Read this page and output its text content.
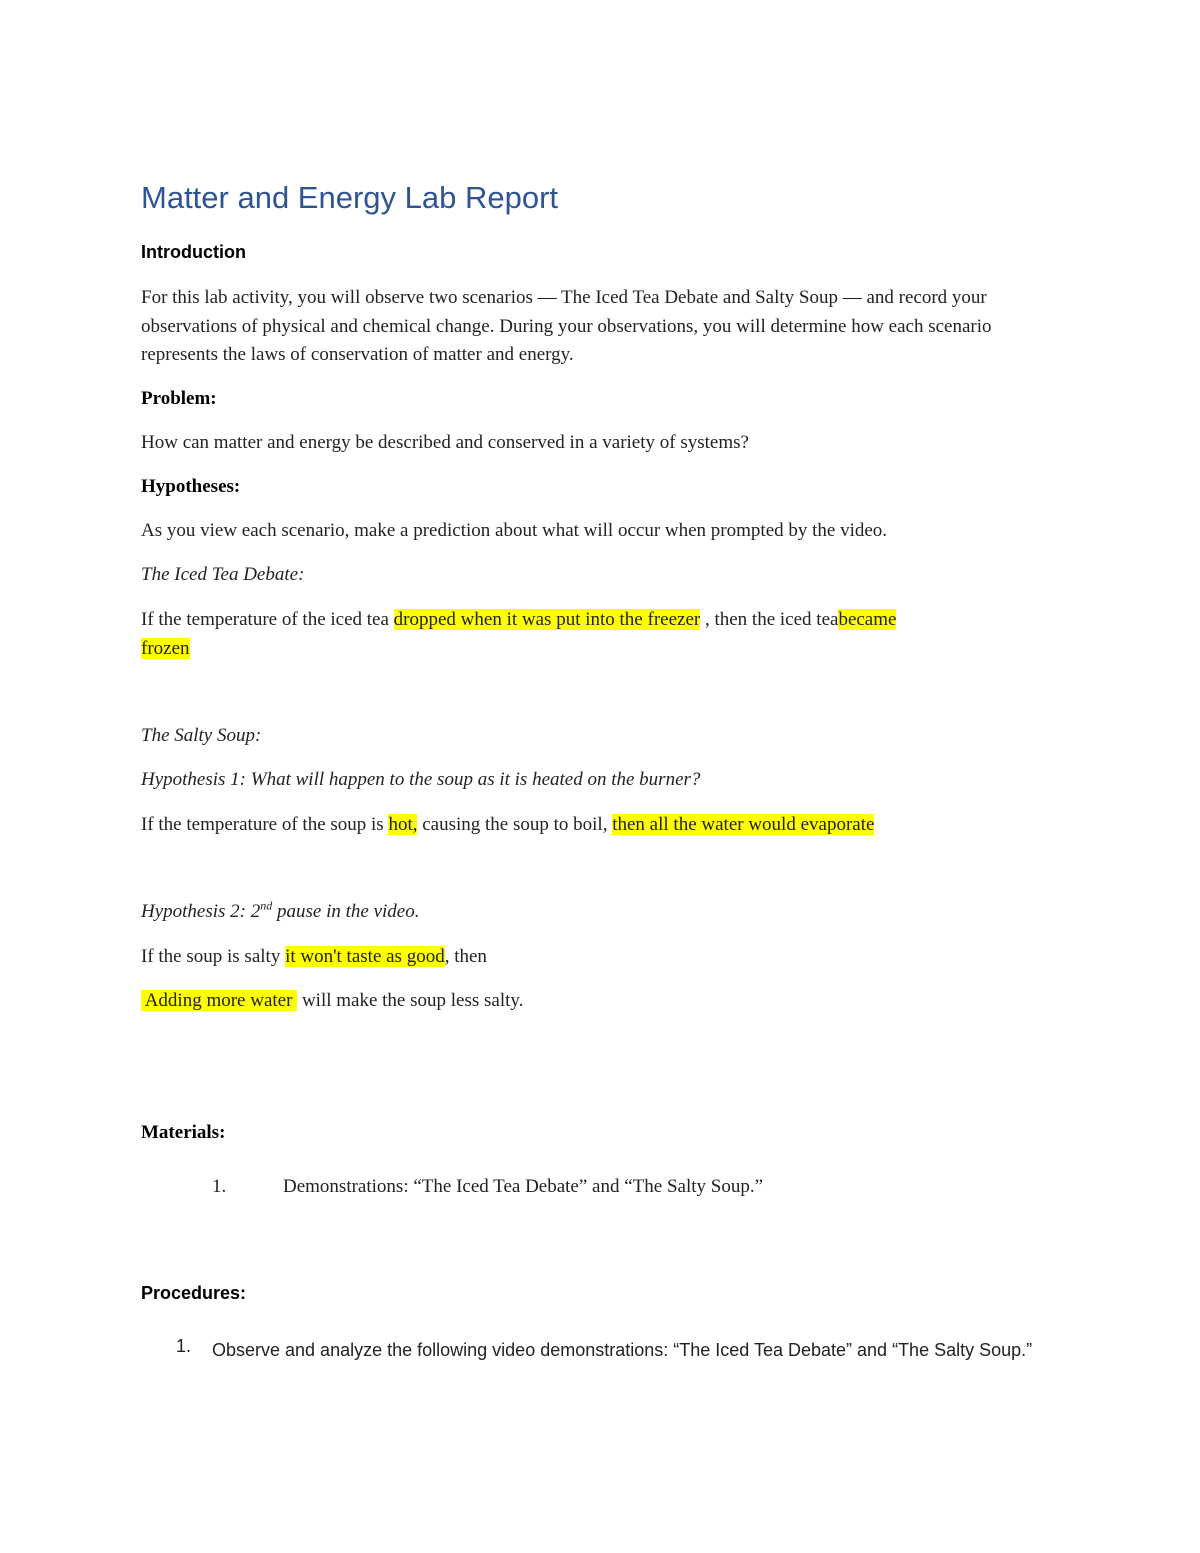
Matter and Energy Lab Report
Introduction
For this lab activity, you will observe two scenarios — The Iced Tea Debate and Salty Soup — and record your observations of physical and chemical change. During your observations, you will determine how each scenario represents the laws of conservation of matter and energy.
Problem:
How can matter and energy be described and conserved in a variety of systems?
Hypotheses:
As you view each scenario, make a prediction about what will occur when prompted by the video.
The Iced Tea Debate:
If the temperature of the iced tea dropped when it was put into the freezer , then the iced teabecame
frozen
The Salty Soup:
Hypothesis 1: What will happen to the soup as it is heated on the burner?
If the temperature of the soup is hot, causing the soup to boil, then all the water would evaporate
Hypothesis 2: 2nd pause in the video.
If the soup is salty it won't taste as good, then
Adding more water  will make the soup less salty.
Materials:
1.	Demonstrations: “The Iced Tea Debate” and “The Salty Soup.”
Procedures:
1. Observe and analyze the following video demonstrations: “The Iced Tea Debate” and “The Salty Soup.”
